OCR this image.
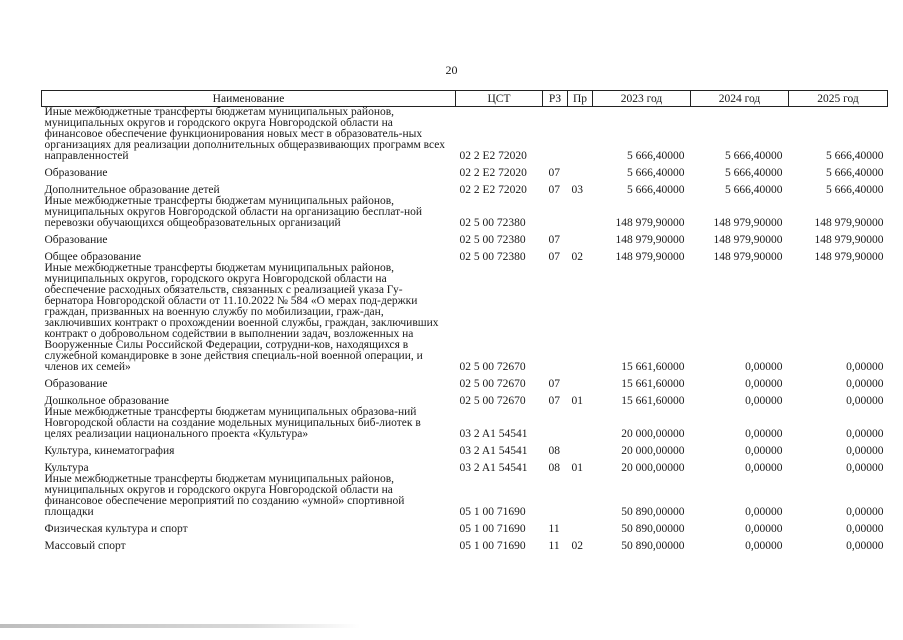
20
Наименование	ЦСТ	РЗ	Пр	2023 год	2024 год	2025 год
Иные межбюджетные трансферты бюджетам муниципальных районов, муниципальных округов и городского округа Новгородской области на финансовое обеспечение функционирования новых мест в образователь-ных организациях для реализации дополнительных общеразвивающих программ всех направленностей	02 2 E2 72020			5 666,40000	5 666,40000	5 666,40000
Образование	02 2 E2 72020	07		5 666,40000	5 666,40000	5 666,40000
Дополнительное образование детей	02 2 E2 72020	07	03	5 666,40000	5 666,40000	5 666,40000
Иные межбюджетные трансферты бюджетам муниципальных районов, муниципальных округов Новгородской области на организацию бесплат-ной перевозки обучающихся общеобразовательных организаций	02 5 00 72380			148 979,90000	148 979,90000	148 979,90000
Образование	02 5 00 72380	07		148 979,90000	148 979,90000	148 979,90000
Общее образование	02 5 00 72380	07	02	148 979,90000	148 979,90000	148 979,90000
Иные межбюджетные трансферты бюджетам муниципальных районов, муниципальных округов, городского округа Новгородской области на обеспечение расходных обязательств, связанных с реализацией указа Гу-бернатора Новгородской области от 11.10.2022 № 584 «О мерах под-держки граждан, призванных на военную службу по мобилизации, граж-дан, заключивших контракт о прохождении военной службы, граждан, заключивших контракт о добровольном содействии в выполнении задач, возложенных на Вооруженные Силы Российской Федерации, сотрудни-ков, находящихся в служебной командировке в зоне действия специаль-ной военной операции, и членов их семей»	02 5 00 72670			15 661,60000	0,00000	0,00000
Образование	02 5 00 72670	07		15 661,60000	0,00000	0,00000
Дошкольное образование	02 5 00 72670	07	01	15 661,60000	0,00000	0,00000
Иные межбюджетные трансферты бюджетам муниципальных образова-ний Новгородской области на создание модельных муниципальных биб-лиотек в целях реализации национального проекта «Культура»	03 2 A1 54541			20 000,00000	0,00000	0,00000
Культура, кинематография	03 2 A1 54541	08		20 000,00000	0,00000	0,00000
Культура	03 2 A1 54541	08	01	20 000,00000	0,00000	0,00000
Иные межбюджетные трансферты бюджетам муниципальных районов, муниципальных округов и городского округа Новгородской области на финансовое обеспечение мероприятий по созданию «умной» спортивной площадки	05 1 00 71690			50 890,00000	0,00000	0,00000
Физическая культура и спорт	05 1 00 71690	11		50 890,00000	0,00000	0,00000
Массовый спорт	05 1 00 71690	11	02	50 890,00000	0,00000	0,00000
